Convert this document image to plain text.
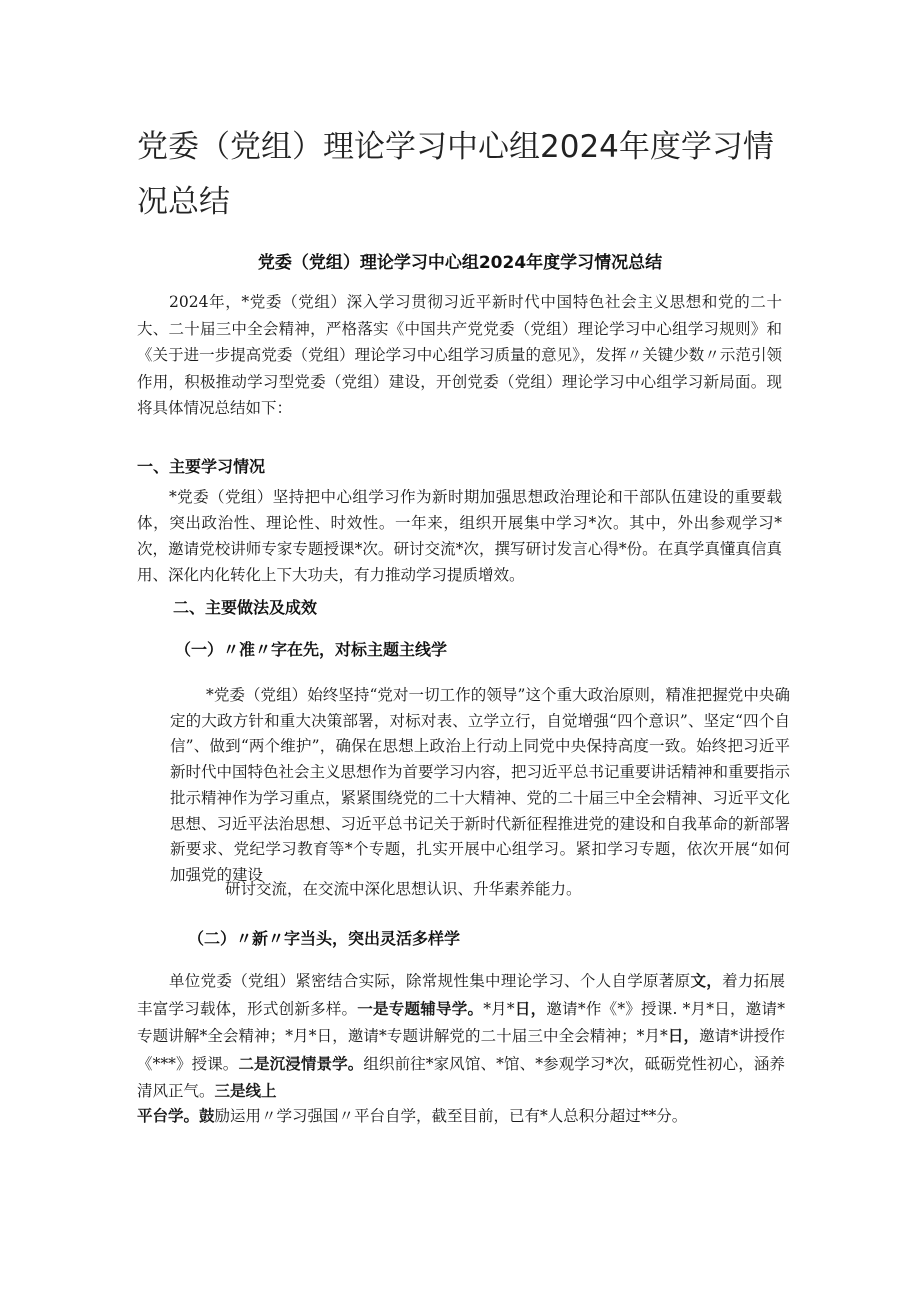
党委（党组）理论学习中心组2024年度学习情况总结
党委（党组）理论学习中心组2024年度学习情况总结

2024年，*党委（党组）深入学习贯彻习近平新时代中国特色社会主义思想和党的二十大、二十届三中全会精神，严格落实《中国共产党党委（党组）理论学习中心组学习规则》和《关于进一步提高党委（党组）理论学习中心组学习质量的意见》，发挥〃关键少数〃示范引领作用，积极推动学习型党委（党组）建设，开创党委（党组）理论学习中心组学习新局面。现将具体情况总结如下：

一、主要学习情况

*党委（党组）坚持把中心组学习作为新时期加强思想政治理论和干部队伍建设的重要载体，突出政治性、理论性、时效性。一年来，组织开展集中学习*次。其中，外出参观学习*次，邀请党校讲师专家专题授课*次。研讨交流*次，撰写研讨发言心得*份。在真学真懂真信真用、深化内化转化上下大功夫，有力推动学习提质增效。

二、主要做法及成效
（一）〃准〃字在先，对标主题主线学

*党委（党组）始终坚持“党对一切工作的领导”这个重大政治原则，精准把握党中央确定的大政方针和重大决策部署，对标对表、立学立行，自觉增强“四个意识”、坚定“四个自信”、做到“两个维护”，确保在思想上政治上行动上同党中央保持高度一致。始终把习近平新时代中国特色社会主义思想作为首要学习内容，把习近平总书记重要讲话精神和重要指示批示精神作为学习重点，紧紧围绕党的二十大精神、党的二十届三中全会精神、习近平文化思想、习近平法治思想、习近平总书记关于新时代新征程推进党的建设和自我革命的新部署新要求、党纪学习教育等*个专题，扎实开展中心组学习。紧扣学习专题，依次开展“如何加强党的建设

研讨交流，在交流中深化思想认识、升华素养能力。

（二）〃新〃字当头，突出灵活多样学

单位党委（党组）紧密结合实际，除常规性集中理论学习、个人自学原著原文，着力拓展丰富学习载体，形式创新多样。一是专题辅导学。*月*日，邀请*作《*》授课. *月*日，邀请*专题讲解*全会精神；*月*日，邀请*专题讲解党的二十届三中全会精神；*月*日，邀请*讲授作《***》授课。二是沉浸情景学。组织前往*家风馆、*馆、*参观学习*次，砥砺党性初心，涵养清风正气。三是线上

平台学。鼓励运用〃学习强国〃平台自学，截至目前，已有*人总积分超过**分。
